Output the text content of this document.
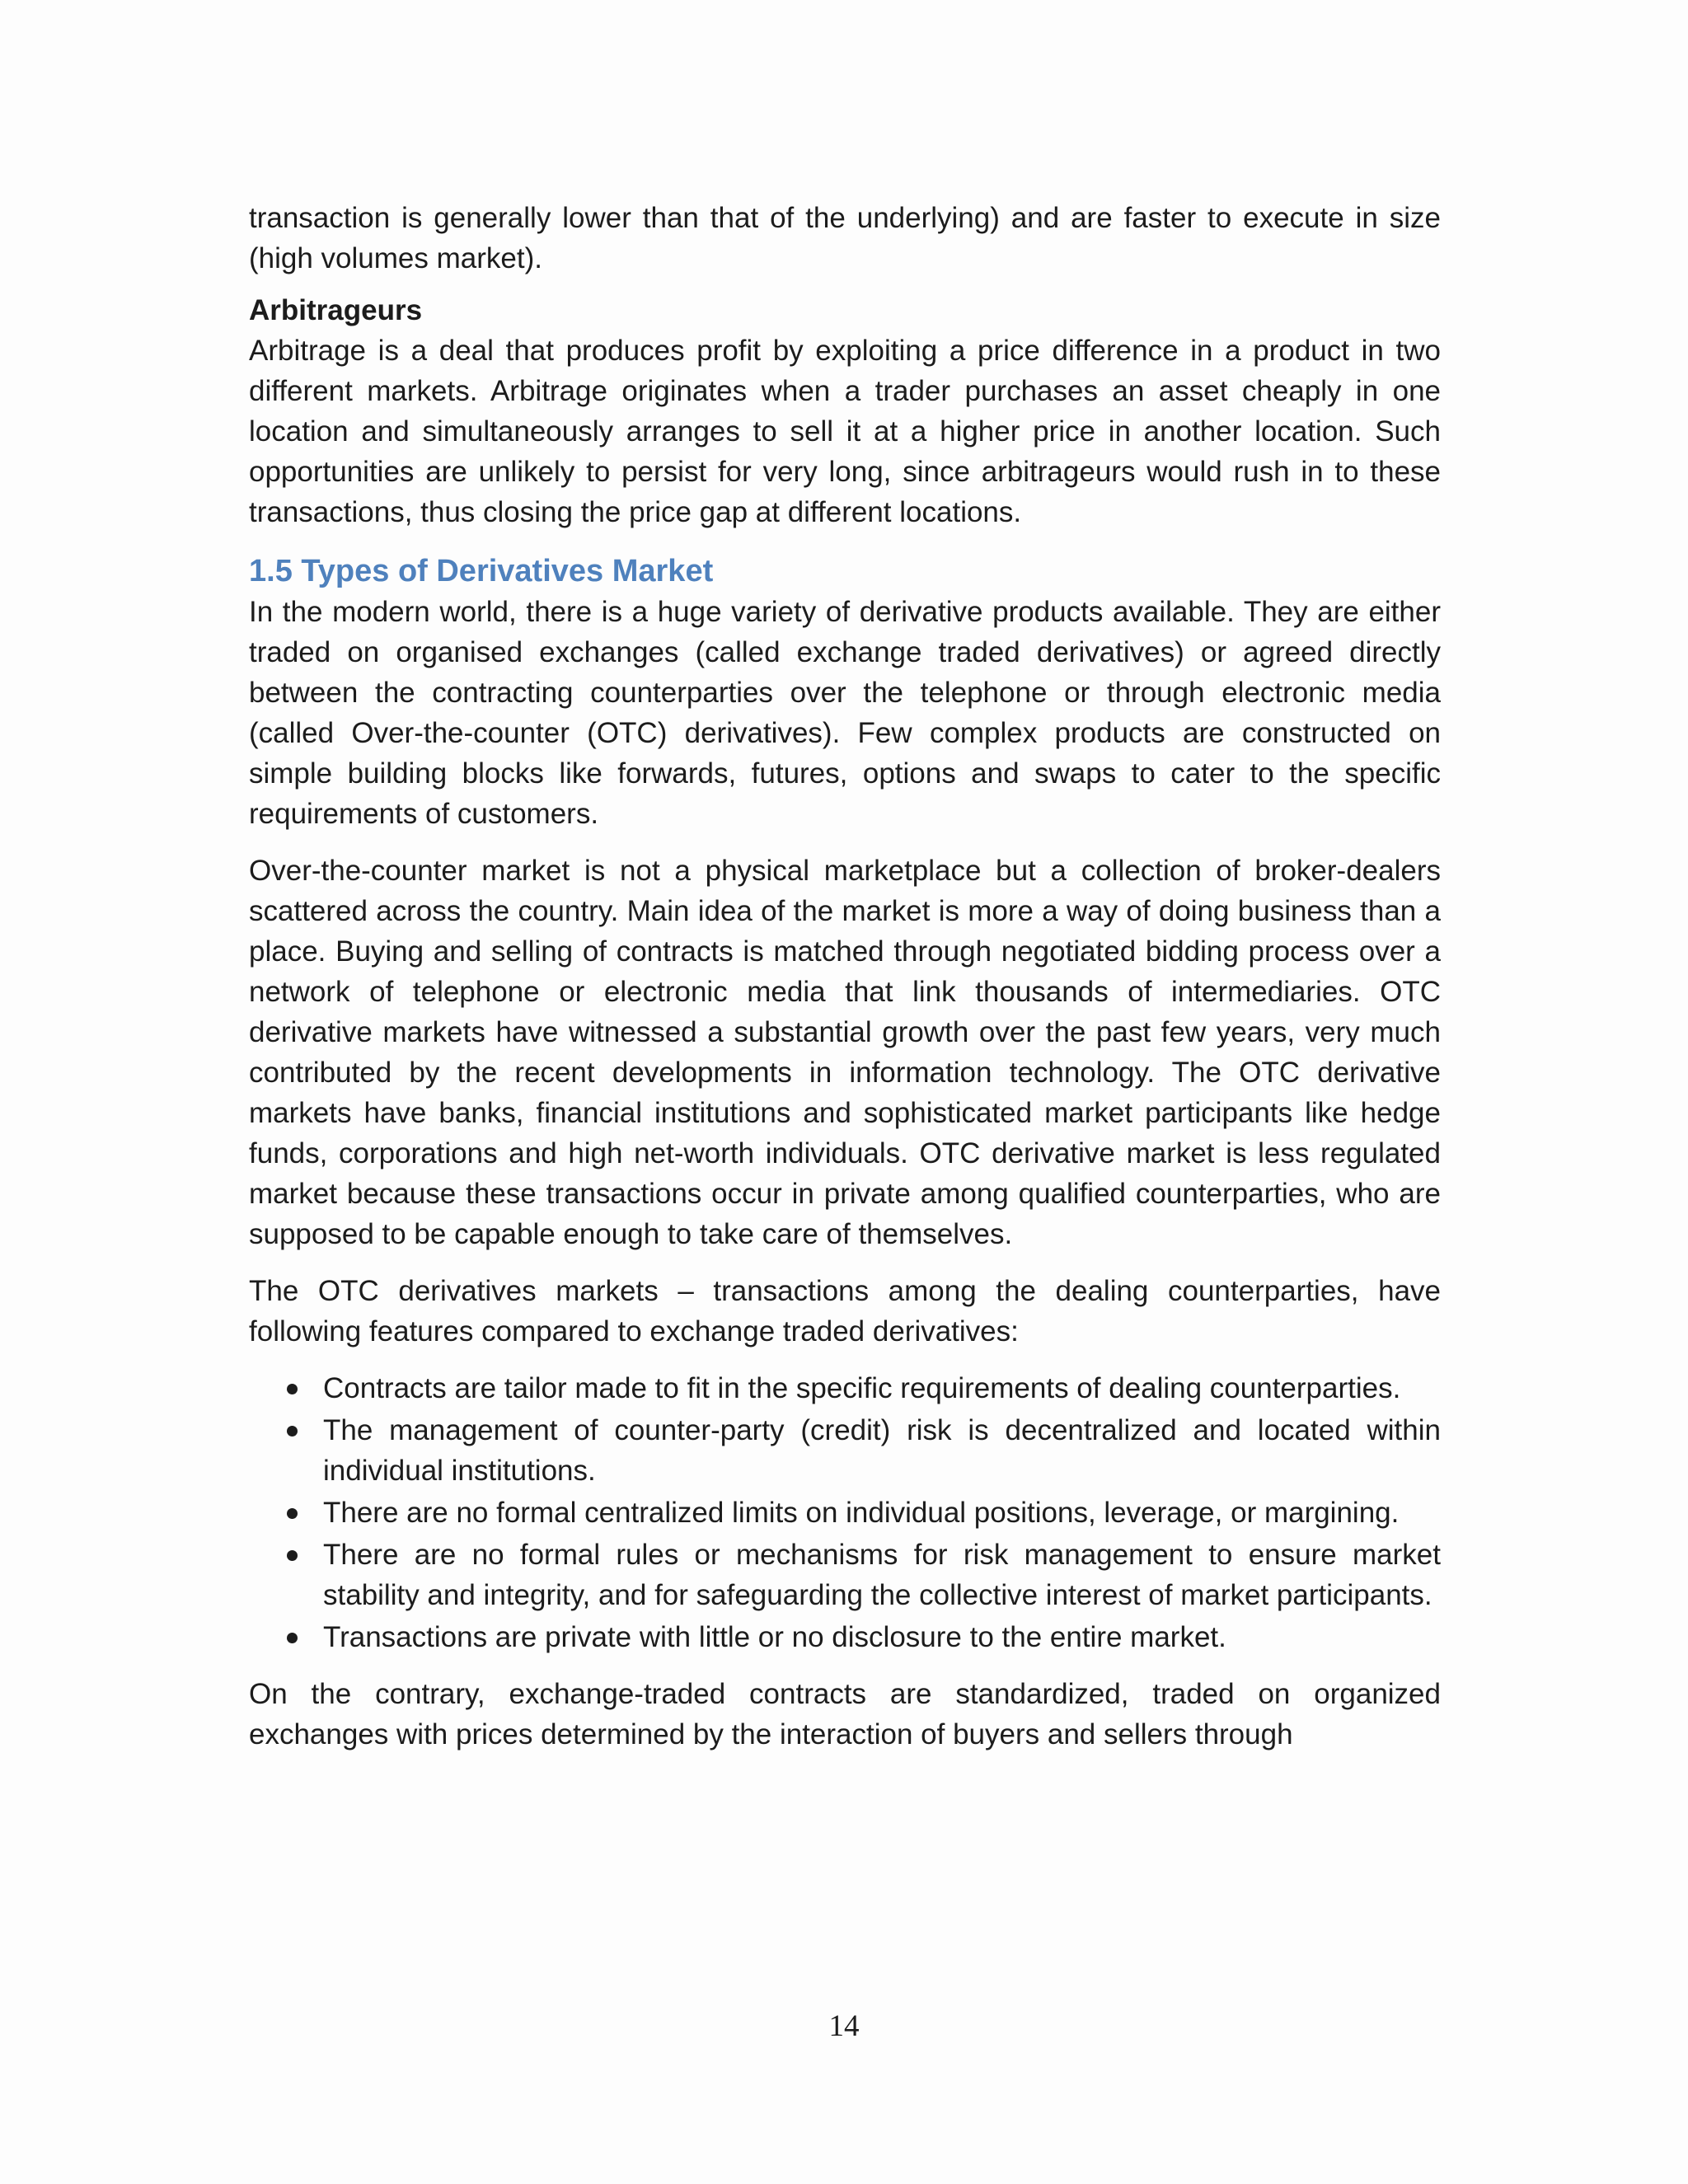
transaction is generally lower than that of the underlying) and are faster to execute in size (high volumes market).

Arbitrageurs

Arbitrage is a deal that produces profit by exploiting a price difference in a product in two different markets. Arbitrage originates when a trader purchases an asset cheaply in one location and simultaneously arranges to sell it at a higher price in another location. Such opportunities are unlikely to persist for very long, since arbitrageurs would rush in to these transactions, thus closing the price gap at different locations.

1.5 Types of Derivatives Market

In the modern world, there is a huge variety of derivative products available. They are either traded on organised exchanges (called exchange traded derivatives) or agreed directly between the contracting counterparties over the telephone or through electronic media (called Over-the-counter (OTC) derivatives). Few complex products are constructed on simple building blocks like forwards, futures, options and swaps to cater to the specific requirements of customers.

Over-the-counter market is not a physical marketplace but a collection of broker-dealers scattered across the country. Main idea of the market is more a way of doing business than a place. Buying and selling of contracts is matched through negotiated bidding process over a network of telephone or electronic media that link thousands of intermediaries. OTC derivative markets have witnessed a substantial growth over the past few years, very much contributed by the recent developments in information technology. The OTC derivative markets have banks, financial institutions and sophisticated market participants like hedge funds, corporations and high net-worth individuals. OTC derivative market is less regulated market because these transactions occur in private among qualified counterparties, who are supposed to be capable enough to take care of themselves.

The OTC derivatives markets – transactions among the dealing counterparties, have following features compared to exchange traded derivatives:

Contracts are tailor made to fit in the specific requirements of dealing counterparties.
The management of counter-party (credit) risk is decentralized and located within individual institutions.
There are no formal centralized limits on individual positions, leverage, or margining.
There are no formal rules or mechanisms for risk management to ensure market stability and integrity, and for safeguarding the collective interest of market participants.
Transactions are private with little or no disclosure to the entire market.

On the contrary, exchange-traded contracts are standardized, traded on organized exchanges with prices determined by the interaction of buyers and sellers through

14
